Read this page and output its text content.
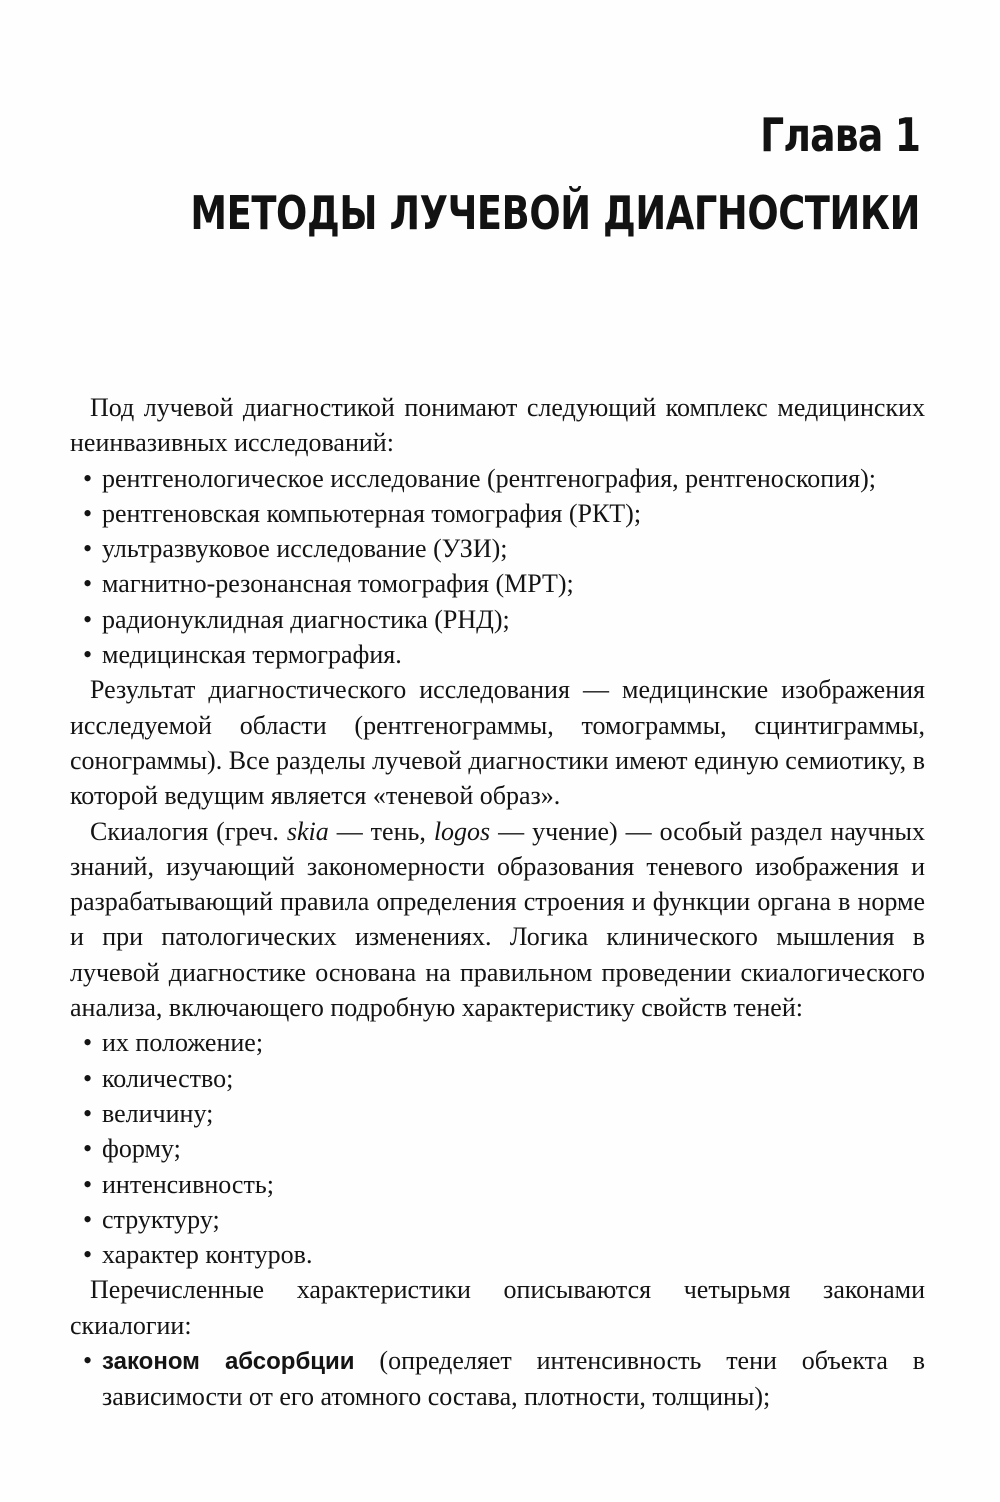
Глава 1
МЕТОДЫ ЛУЧЕВОЙ ДИАГНОСТИКИ

Под лучевой диагностикой понимают следующий комплекс медицинских неинвазивных исследований:

• рентгенологическое исследование (рентгенография, рентгеноскопия);
• рентгеновская компьютерная томография (РКТ);
• ультразвуковое исследование (УЗИ);
• магнитно-резонансная томография (МРТ);
• радионуклидная диагностика (РНД);
• медицинская термография.

Результат диагностического исследования — медицинские изображения исследуемой области (рентгенограммы, томограммы, сцинтиграммы, сонограммы). Все разделы лучевой диагностики имеют единую семиотику, в которой ведущим является «теневой образ».

Скиалогия (греч. skia — тень, logos — учение) — особый раздел научных знаний, изучающий закономерности образования теневого изображения и разрабатывающий правила определения строения и функции органа в норме и при патологических изменениях. Логика клинического мышления в лучевой диагностике основана на правильном проведении скиалогического анализа, включающего подробную характеристику свойств теней:

• их положение;
• количество;
• величину;
• форму;
• интенсивность;
• структуру;
• характер контуров.

Перечисленные характеристики описываются четырьмя законами скиалогии:

• законом абсорбции (определяет интенсивность тени объекта в зависимости от его атомного состава, плотности, толщины);
